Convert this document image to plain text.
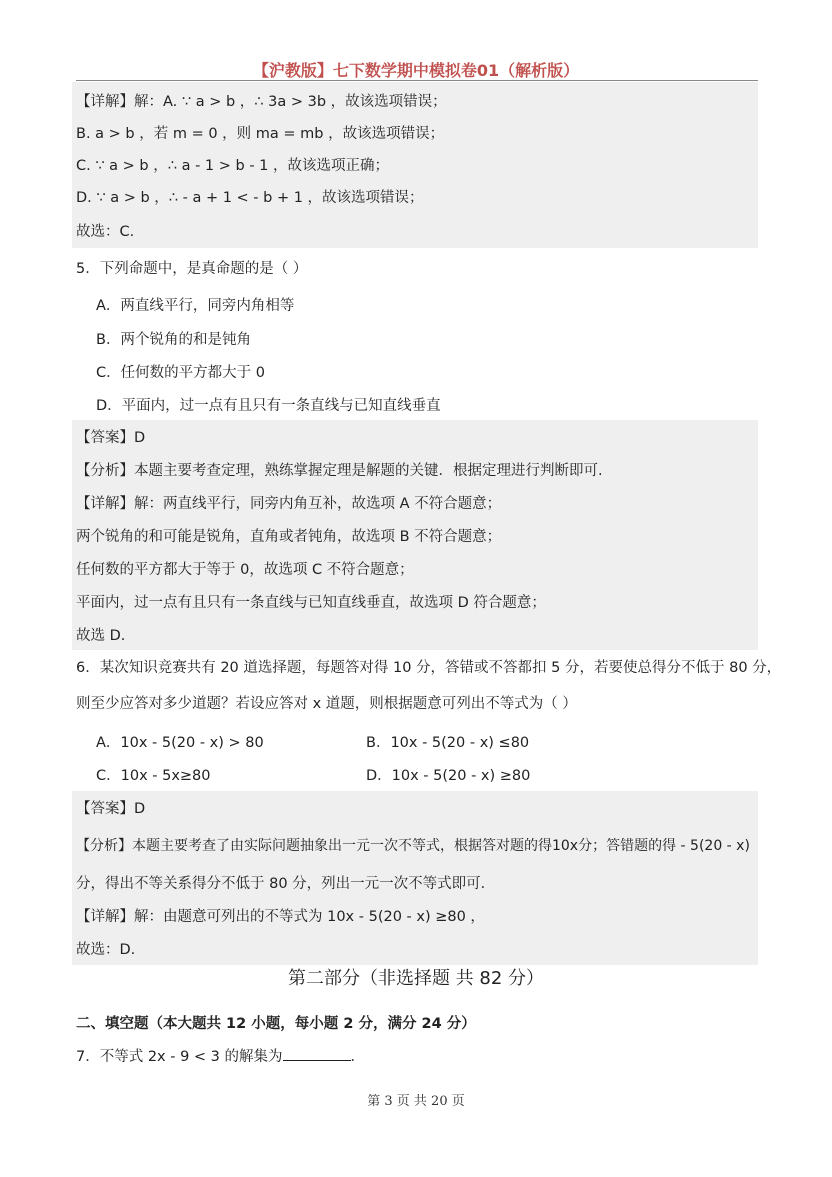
【沪教版】七下数学期中模拟卷01（解析版）
【详解】解：A. ∵ a > b ，∴ 3a > 3b ，故该选项错误；
B. a > b ，若 m = 0 ，则 ma = mb ，故该选项错误；
C. ∵ a > b ，∴ a - 1 > b - 1 ，故该选项正确；
D. ∵ a > b ，∴ - a + 1 < - b + 1 ，故该选项错误；
故选：C.
5．下列命题中，是真命题的是（ ）
A．两直线平行，同旁内角相等
B．两个锐角的和是钝角
C．任何数的平方都大于 0
D．平面内，过一点有且只有一条直线与已知直线垂直
【答案】D
【分析】本题主要考查定理，熟练掌握定理是解题的关键．根据定理进行判断即可.
【详解】解：两直线平行，同旁内角互补，故选项 A 不符合题意；
两个锐角的和可能是锐角，直角或者钝角，故选项 B 不符合题意；
任何数的平方都大于等于 0，故选项 C 不符合题意；
平面内，过一点有且只有一条直线与已知直线垂直，故选项 D 符合题意；
故选 D.
6．某次知识竞赛共有 20 道选择题，每题答对得 10 分，答错或不答都扣 5 分，若要使总得分不低于 80 分，
则至少应答对多少道题？若设应答对 x 道题，则根据题意可列出不等式为（ ）
A．10x - 5(20 - x) > 80	B．10x - 5(20 - x) ≤80
C．10x - 5x≥80	D．10x - 5(20 - x) ≥80
【答案】D
【分析】本题主要考查了由实际问题抽象出一元一次不等式，根据答对题的得10x分；答错题的得 - 5(20 - x)
分，得出不等关系得分不低于 80 分，列出一元一次不等式即可．
【详解】解：由题意可列出的不等式为 10x - 5(20 - x) ≥80 ，
故选：D.
第二部分（非选择题 共 82 分）
二、填空题（本大题共 12 小题，每小题 2 分，满分 24 分）
7．不等式 2x - 9 < 3 的解集为	．
第 3 页 共 20 页
